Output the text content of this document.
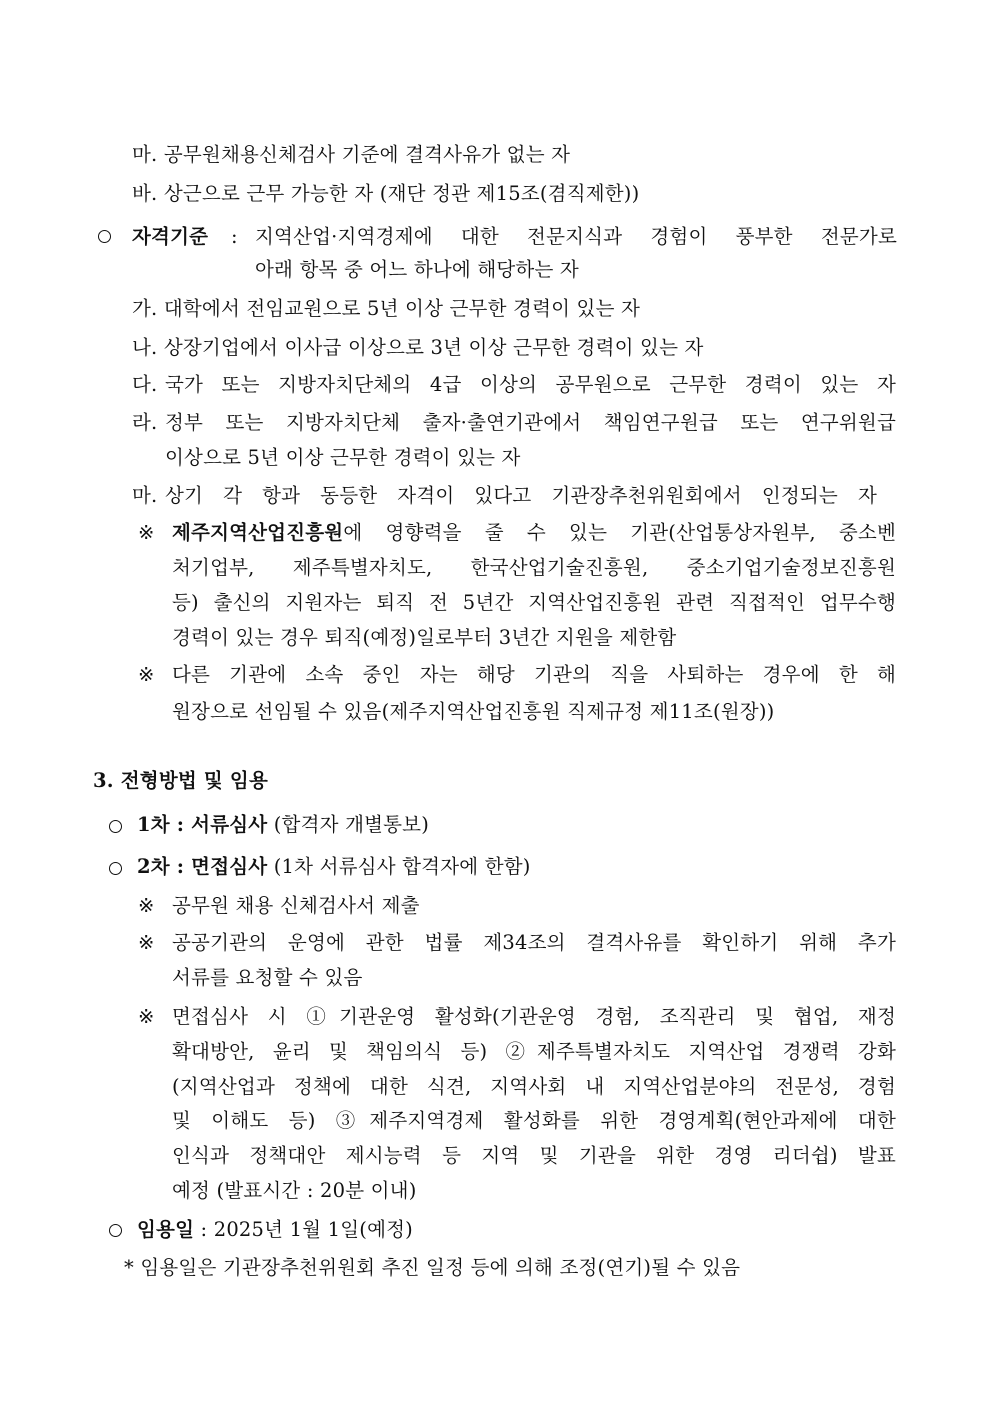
마. 공무원채용신체검사 기준에 결격사유가 없는 자
바. 상근으로 근무 가능한 자 (재단 정관 제15조(겸직제한))
자격기준 : 지역산업·지역경제에 대한 전문지식과 경험이 풍부한 전문가로
아래 항목 중 어느 하나에 해당하는 자
가. 대학에서 전임교원으로 5년 이상 근무한 경력이 있는 자
나. 상장기업에서 이사급 이상으로 3년 이상 근무한 경력이 있는 자
다. 국가 또는 지방자치단체의 4급 이상의 공무원으로 근무한 경력이 있는 자
라. 정부 또는 지방자치단체 출자·출연기관에서 책임연구원급 또는 연구위원급
이상으로 5년 이상 근무한 경력이 있는 자
마. 상기 각 항과 동등한 자격이 있다고 기관장추천위원회에서 인정되는 자
※ 제주지역산업진흥원에 영향력을 줄 수 있는 기관(산업통상자원부, 중소벤
처기업부, 제주특별자치도, 한국산업기술진흥원, 중소기업기술정보진흥원
등) 출신의 지원자는 퇴직 전 5년간 지역산업진흥원 관련 직접적인 업무수행
경력이 있는 경우 퇴직(예정)일로부터 3년간 지원을 제한함
※ 다른 기관에 소속 중인 자는 해당 기관의 직을 사퇴하는 경우에 한 해
원장으로 선임될 수 있음(제주지역산업진흥원 직제규정 제11조(원장))
3. 전형방법 및 임용
1차 : 서류심사 (합격자 개별통보)
2차 : 면접심사 (1차 서류심사 합격자에 한함)
※ 공무원 채용 신체검사서 제출
※ 공공기관의 운영에 관한 법률 제34조의 결격사유를 확인하기 위해 추가
서류를 요청할 수 있음
※ 면접심사 시 ①기관운영 활성화(기관운영 경험, 조직관리 및 협업, 재정
확대방안, 윤리 및 책임의식 등) ②제주특별자치도 지역산업 경쟁력 강화
(지역산업과 정책에 대한 식견, 지역사회 내 지역산업분야의 전문성, 경험
및 이해도 등) ③제주지역경제 활성화를 위한 경영계획(현안과제에 대한
인식과 정책대안 제시능력 등 지역 및 기관을 위한 경영 리더쉽) 발표
예정 (발표시간 : 20분 이내)
임용일 : 2025년 1월 1일(예정)
* 임용일은 기관장추천위원회 추진 일정 등에 의해 조정(연기)될 수 있음
